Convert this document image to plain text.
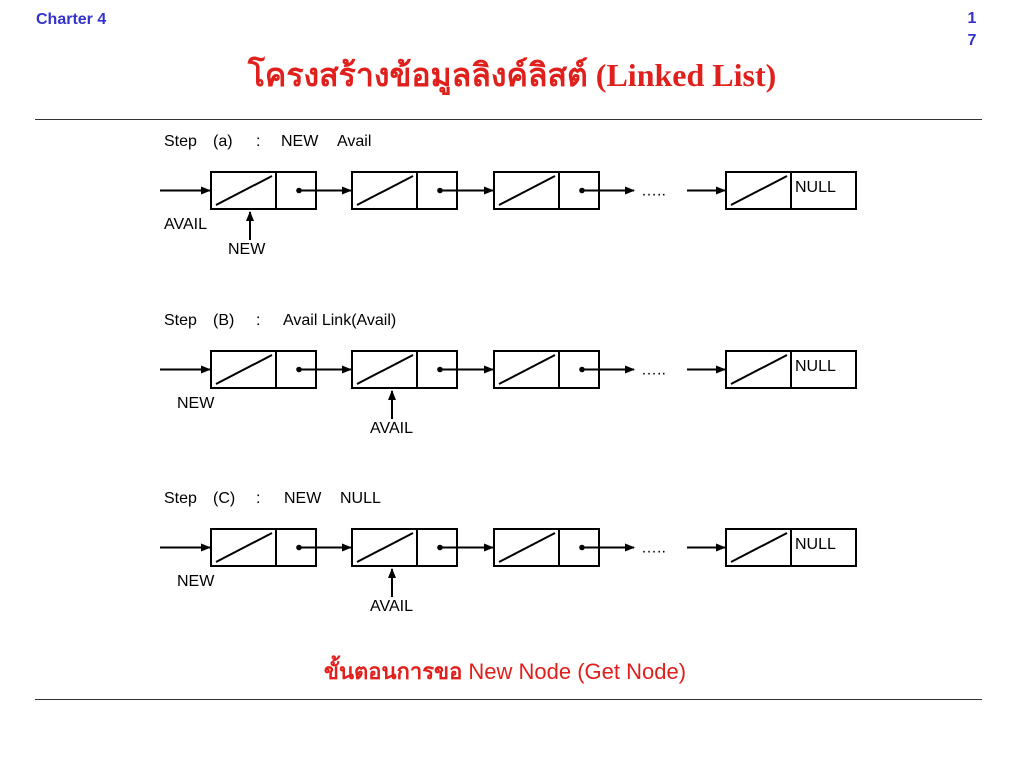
Charter 4	1
7
โครงสร้างข้อมูลลิงค์ลิสต์ (Linked List)
Step (a) : NEW Avail
…..	NULL
AVAIL
NEW
Step (B) : Avail Link(Avail)
…..	NULL
NEW
AVAIL
Step (C) : NEW NULL
…..	NULL
NEW
AVAIL
ขั้นตอนการขอ New Node (Get Node)
